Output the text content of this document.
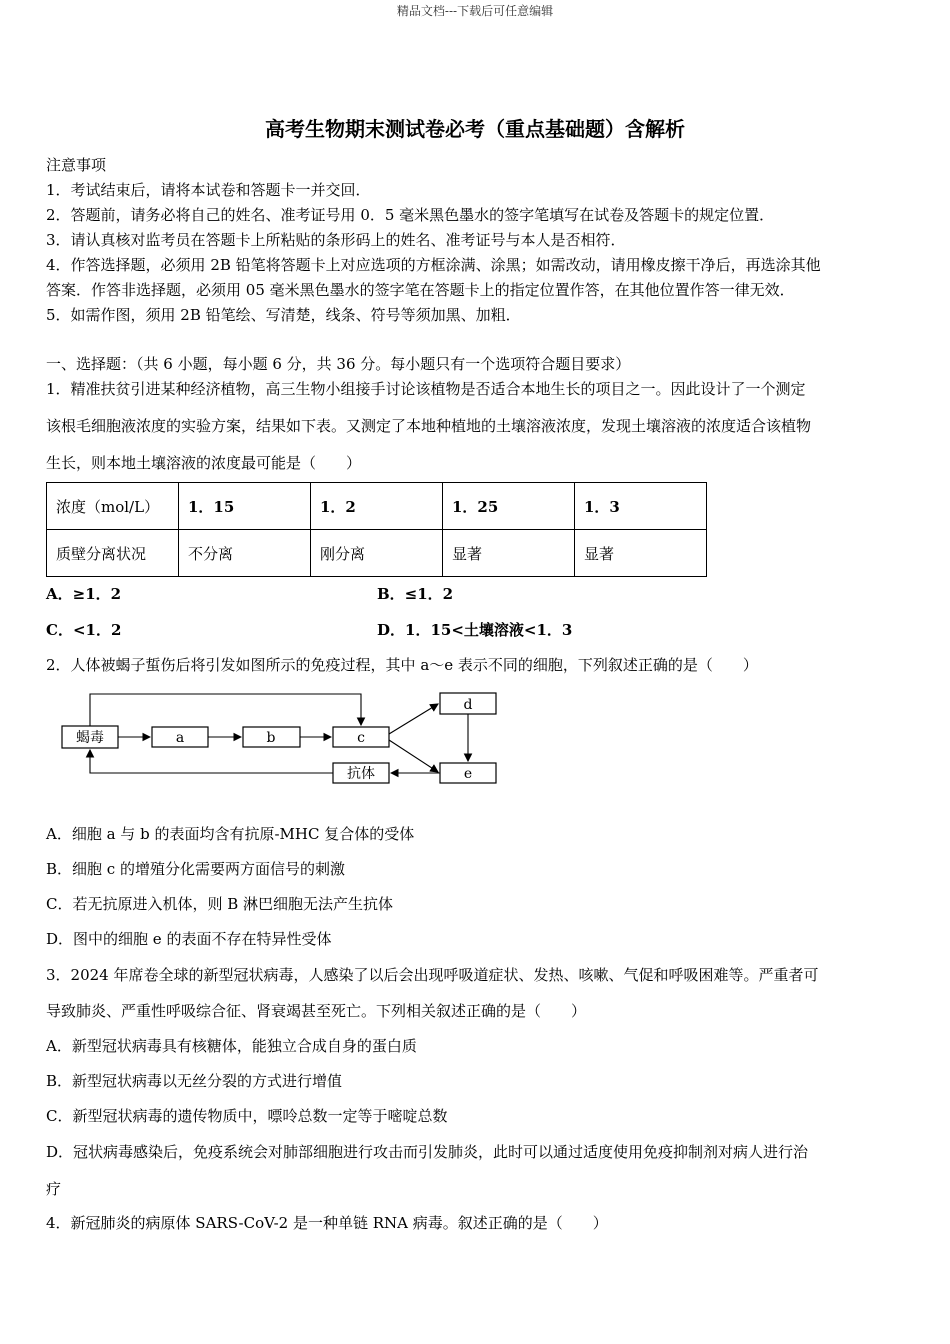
精品文档---下载后可任意编辑
高考生物期末测试卷必考（重点基础题）含解析
注意事项
1．考试结束后，请将本试卷和答题卡一并交回．
2．答题前，请务必将自己的姓名、准考证号用 0．5 毫米黑色墨水的签字笔填写在试卷及答题卡的规定位置．
3．请认真核对监考员在答题卡上所粘贴的条形码上的姓名、准考证号与本人是否相符．
4．作答选择题，必须用 2B 铅笔将答题卡上对应选项的方框涂满、涂黑；如需改动，请用橡皮擦干净后，再选涂其他
答案．作答非选择题，必须用 05 毫米黑色墨水的签字笔在答题卡上的指定位置作答，在其他位置作答一律无效．
5．如需作图，须用 2B 铅笔绘、写清楚，线条、符号等须加黑、加粗．
一、选择题：（共 6 小题，每小题 6 分，共 36 分。每小题只有一个选项符合题目要求）
1．精准扶贫引进某种经济植物，高三生物小组接手讨论该植物是否适合本地生长的项目之一。因此设计了一个测定
该根毛细胞液浓度的实验方案，结果如下表。又测定了本地种植地的土壤溶液浓度，发现土壤溶液的浓度适合该植物
生长，则本地土壤溶液的浓度最可能是（　　）
浓度（mol/L）	1．15	1．2	1．25	1．3
质壁分离状况	不分离	刚分离	显著	显著
A．≥1．2	B．≤1．2
C．<1．2	D．1．15<土壤溶液<1．3
2．人体被蝎子蜇伤后将引发如图所示的免疫过程，其中 a～e 表示不同的细胞，下列叙述正确的是（　　）
蝎毒	a	b	c
d
e
抗体
A．细胞 a 与 b 的表面均含有抗原-MHC 复合体的受体
B．细胞 c 的增殖分化需要两方面信号的刺激
C．若无抗原进入机体，则 B 淋巴细胞无法产生抗体
D．图中的细胞 e 的表面不存在特异性受体
3．2024 年席卷全球的新型冠状病毒，人感染了以后会出现呼吸道症状、发热、咳嗽、气促和呼吸困难等。严重者可
导致肺炎、严重性呼吸综合征、肾衰竭甚至死亡。下列相关叙述正确的是（　　）
A．新型冠状病毒具有核糖体，能独立合成自身的蛋白质
B．新型冠状病毒以无丝分裂的方式进行增值
C．新型冠状病毒的遗传物质中，嘌呤总数一定等于嘧啶总数
D．冠状病毒感染后，免疫系统会对肺部细胞进行攻击而引发肺炎，此时可以通过适度使用免疫抑制剂对病人进行治
疗
4．新冠肺炎的病原体 SARS-CoV-2 是一种单链 RNA 病毒。叙述正确的是（　　）
